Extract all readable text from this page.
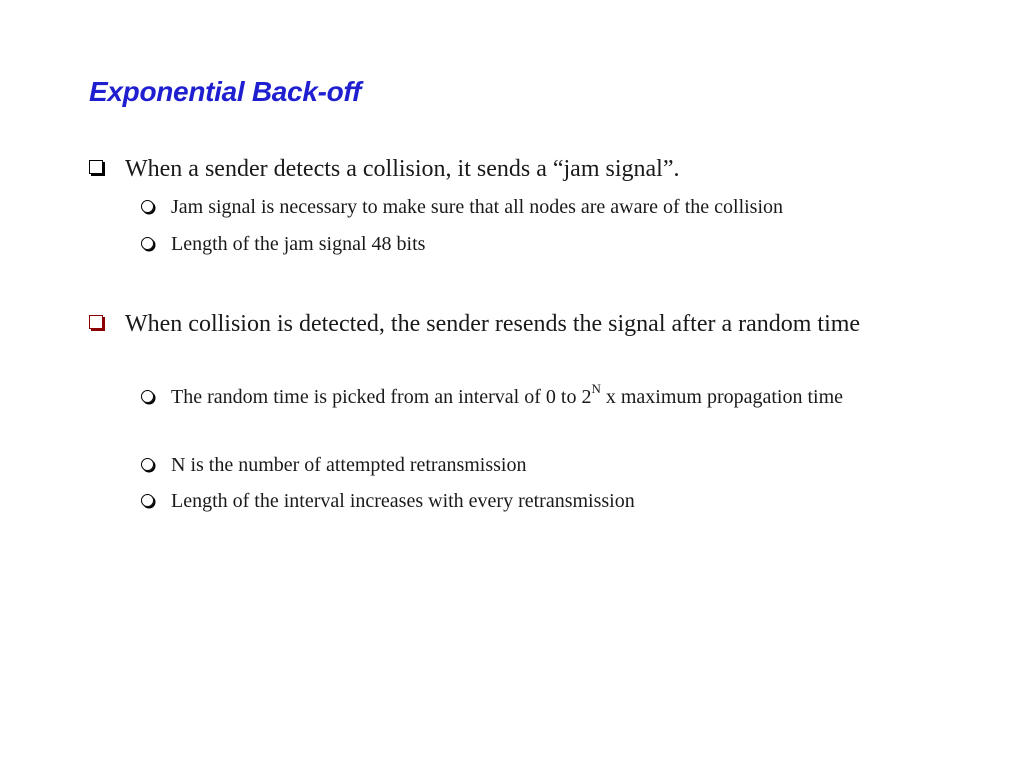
Exponential Back-off
When a sender detects a collision, it sends a “jam signal”.
Jam signal is necessary to make sure that all nodes are aware of the collision
Length of the jam signal 48 bits
When collision is detected, the sender resends the signal after a random time
The random time is picked from an interval of 0 to $2^N$ x maximum propagation time
N is the number of attempted retransmission
Length of the interval increases with every retransmission
